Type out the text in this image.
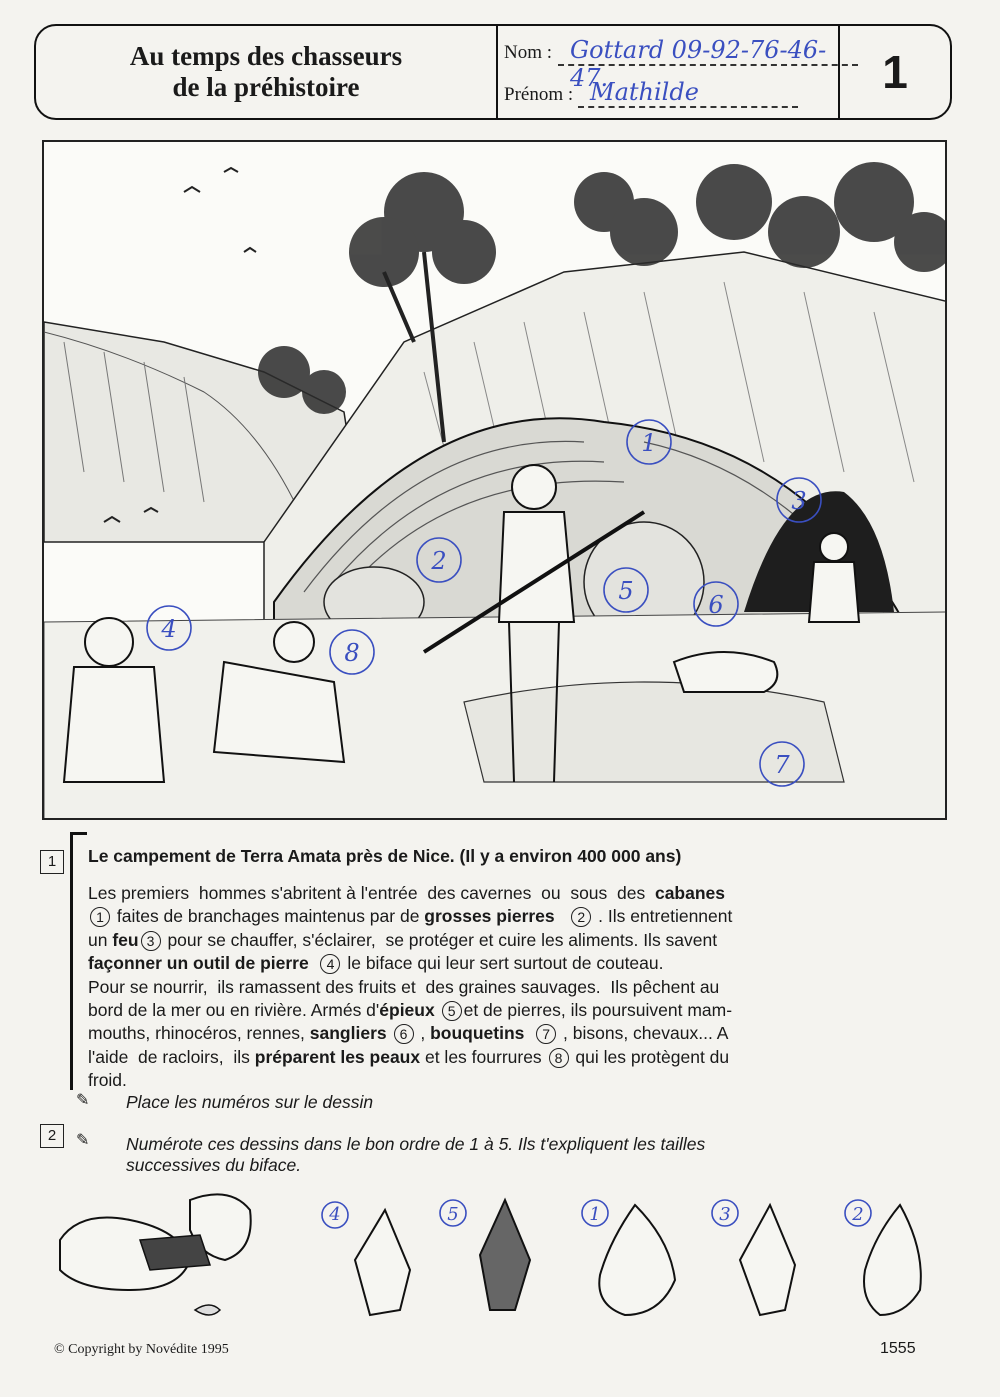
Au temps des chasseurs
de la préhistoire
Nom : Gottard 09-92-76-46-47.
Prénom : Mathilde	1
1
2
3
4
5	6
7
8
1	Le campement de Terra Amata près de Nice. (Il y a environ 400 000 ans)
Les premiers  hommes s'abritent à l'entrée  des cavernes  ou  sous  des  cabanes
1 faites de branchages maintenus par de grosses pierres 2 . Ils entretiennent
un feu 3 pour se chauffer, s'éclairer,  se protéger et cuire les aliments. Ils savent
façonner un outil de pierre 4 le biface qui leur sert surtout de couteau.
Pour se nourrir,  ils ramassent des fruits et  des graines sauvages.  Ils pêchent au
bord de la mer ou en rivière. Armés d'épieux 5 et de pierres, ils poursuivent mam-
mouths, rhinocéros, rennes, sangliers 6 , bouquetins 7 , bisons, chevaux... A
l'aide  de racloirs,  ils préparent les peaux et les fourrures 8 qui les protègent du
froid.
✎ Place les numéros sur le dessin
2	✎ Numérote ces dessins dans le bon ordre de 1 à 5. Ils t'expliquent les tailles
successives du biface.
4	5	1	3	2
© Copyright by Novédite 1995	1555
